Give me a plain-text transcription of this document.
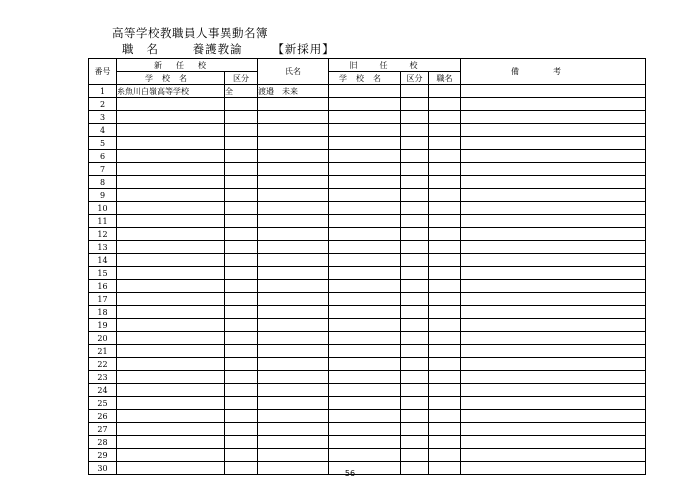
高等学校教職員人事異動名簿
職名 養護教諭	【新採用】
番号	新任校		氏名	旧任校			備考
	学校名	区分		学校名	区分	職名	
1	糸魚川白嶺高等学校	全	渡邉　未来				
2							
3							
4							
5							
6							
7							
8							
9							
10							
11							
12							
13							
14							
15							
16							
17							
18							
19							
20							
21							
22							
23							
24							
25							
26							
27							
28							
29							
30							
56
